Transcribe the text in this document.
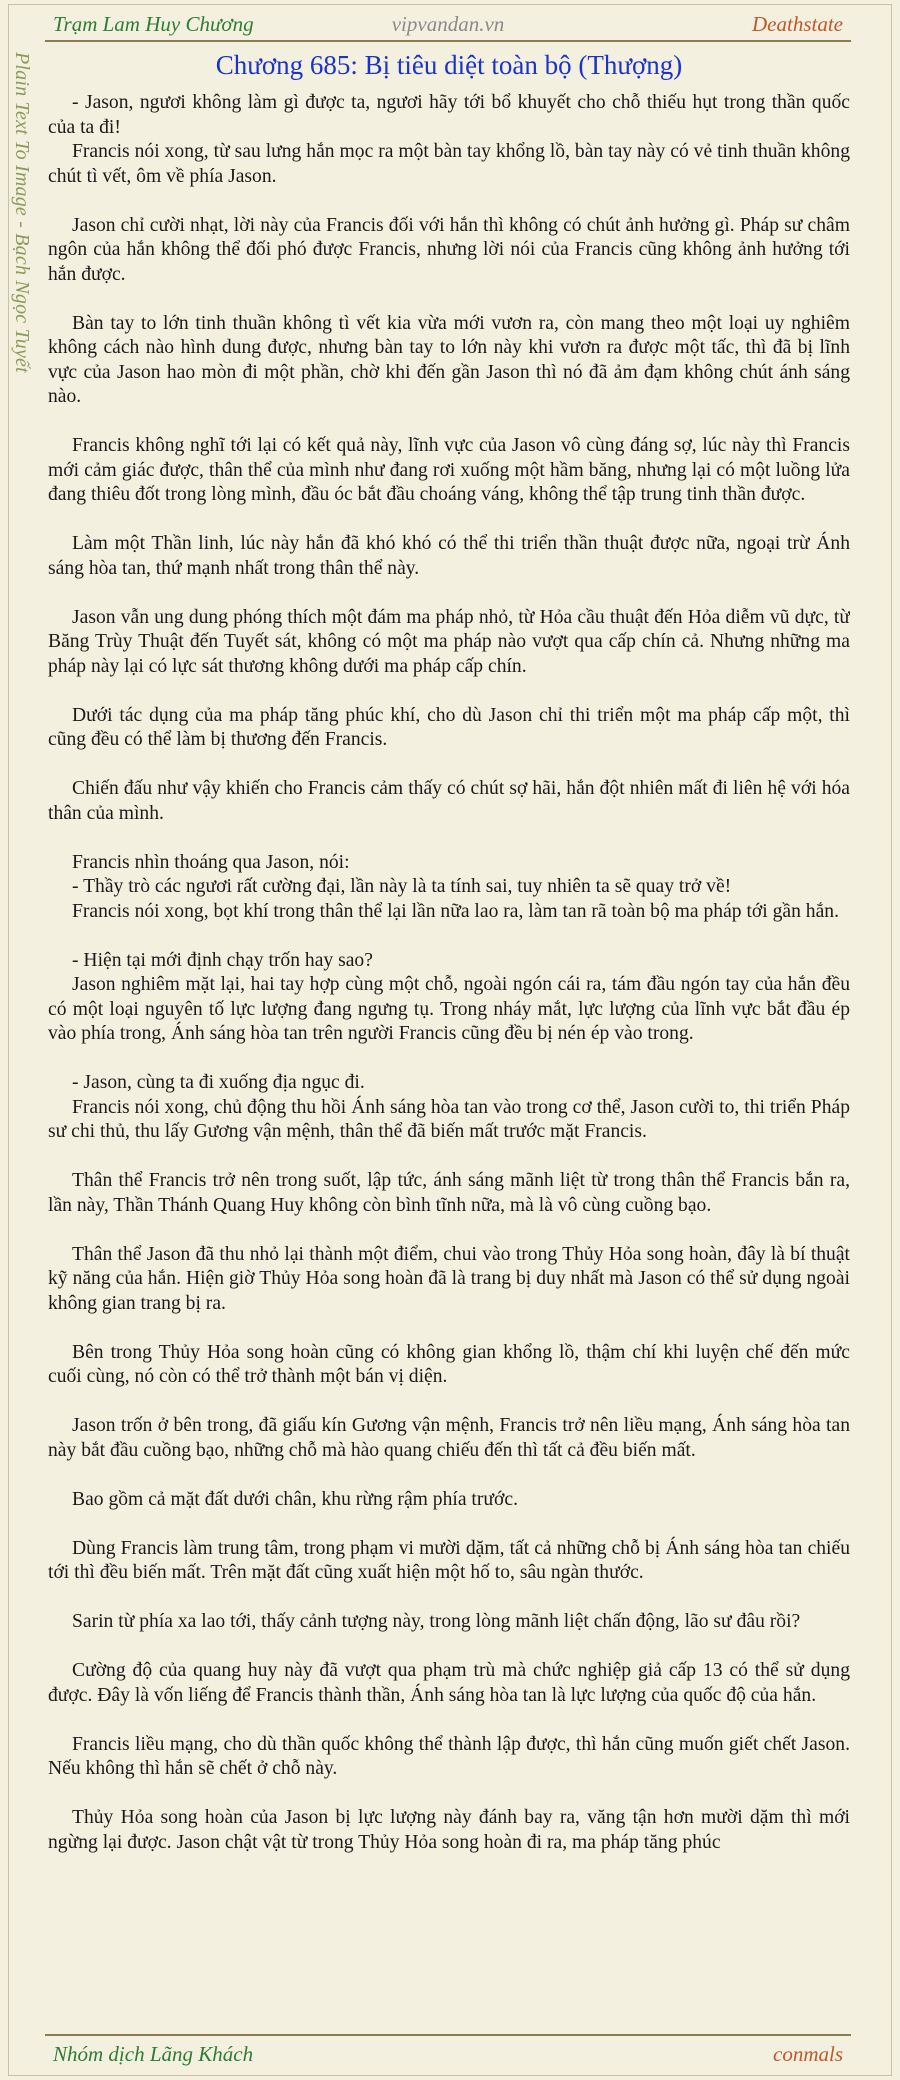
Trạm Lam Huy Chương	vipvandan.vn	Deathstate
Plain Text To Image - Bạch Ngọc Tuyết	Chương 685: Bị tiêu diệt toàn bộ (Thượng)
- Jason, ngươi không làm gì được ta, ngươi hãy tới bổ khuyết cho chỗ thiếu hụt trong thần quốc của ta đi!
Francis nói xong, từ sau lưng hắn mọc ra một bàn tay khổng lồ, bàn tay này có vẻ tinh thuần không chút tì vết, ôm về phía Jason.
Jason chỉ cười nhạt, lời này của Francis đối với hắn thì không có chút ảnh hưởng gì. Pháp sư châm ngôn của hắn không thể đối phó được Francis, nhưng lời nói của Francis cũng không ảnh hưởng tới hắn được.
Bàn tay to lớn tinh thuần không tì vết kia vừa mới vươn ra, còn mang theo một loại uy nghiêm không cách nào hình dung được, nhưng bàn tay to lớn này khi vươn ra được một tấc, thì đã bị lĩnh vực của Jason hao mòn đi một phần, chờ khi đến gần Jason thì nó đã ảm đạm không chút ánh sáng nào.
Francis không nghĩ tới lại có kết quả này, lĩnh vực của Jason vô cùng đáng sợ, lúc này thì Francis mới cảm giác được, thân thể của mình như đang rơi xuống một hầm băng, nhưng lại có một luồng lửa đang thiêu đốt trong lòng mình, đầu óc bắt đầu choáng váng, không thể tập trung tinh thần được.
Làm một Thần linh, lúc này hắn đã khó khó có thể thi triển thần thuật được nữa, ngoại trừ Ánh sáng hòa tan, thứ mạnh nhất trong thân thể này.
Jason vẫn ung dung phóng thích một đám ma pháp nhỏ, từ Hỏa cầu thuật đến Hỏa diễm vũ dực, từ Băng Trùy Thuật đến Tuyết sát, không có một ma pháp nào vượt qua cấp chín cả. Nhưng những ma pháp này lại có lực sát thương không dưới ma pháp cấp chín.
Dưới tác dụng của ma pháp tăng phúc khí, cho dù Jason chỉ thi triển một ma pháp cấp một, thì cũng đều có thể làm bị thương đến Francis.
Chiến đấu như vậy khiến cho Francis cảm thấy có chút sợ hãi, hắn đột nhiên mất đi liên hệ với hóa thân của mình.
Francis nhìn thoáng qua Jason, nói:
- Thầy trò các ngươi rất cường đại, lần này là ta tính sai, tuy nhiên ta sẽ quay trở về!
Francis nói xong, bọt khí trong thân thể lại lần nữa lao ra, làm tan rã toàn bộ ma pháp tới gần hắn.
- Hiện tại mới định chạy trốn hay sao?
Jason nghiêm mặt lại, hai tay hợp cùng một chỗ, ngoài ngón cái ra, tám đầu ngón tay của hắn đều có một loại nguyên tố lực lượng đang ngưng tụ. Trong nháy mắt, lực lượng của lĩnh vực bắt đầu ép vào phía trong, Ánh sáng hòa tan trên người Francis cũng đều bị nén ép vào trong.
- Jason, cùng ta đi xuống địa ngục đi.
Francis nói xong, chủ động thu hồi Ánh sáng hòa tan vào trong cơ thể, Jason cười to, thi triển Pháp sư chi thủ, thu lấy Gương vận mệnh, thân thể đã biến mất trước mặt Francis.
Thân thể Francis trở nên trong suốt, lập tức, ánh sáng mãnh liệt từ trong thân thể Francis bắn ra, lần này, Thần Thánh Quang Huy không còn bình tĩnh nữa, mà là vô cùng cuồng bạo.
Thân thể Jason đã thu nhỏ lại thành một điểm, chui vào trong Thủy Hỏa song hoàn, đây là bí thuật kỹ năng của hắn. Hiện giờ Thủy Hỏa song hoàn đã là trang bị duy nhất mà Jason có thể sử dụng ngoài không gian trang bị ra.
Bên trong Thủy Hỏa song hoàn cũng có không gian khổng lồ, thậm chí khi luyện chế đến mức cuối cùng, nó còn có thể trở thành một bán vị diện.
Jason trốn ở bên trong, đã giấu kín Gương vận mệnh, Francis trở nên liều mạng, Ánh sáng hòa tan này bắt đầu cuồng bạo, những chỗ mà hào quang chiếu đến thì tất cả đều biến mất.
Bao gồm cả mặt đất dưới chân, khu rừng rậm phía trước.
Dùng Francis làm trung tâm, trong phạm vi mười dặm, tất cả những chỗ bị Ánh sáng hòa tan chiếu tới thì đều biến mất. Trên mặt đất cũng xuất hiện một hố to, sâu ngàn thước.
Sarin từ phía xa lao tới, thấy cảnh tượng này, trong lòng mãnh liệt chấn động, lão sư đâu rồi?
Cường độ của quang huy này đã vượt qua phạm trù mà chức nghiệp giả cấp 13 có thể sử dụng được. Đây là vốn liếng để Francis thành thần, Ánh sáng hòa tan là lực lượng của quốc độ của hắn.
Francis liều mạng, cho dù thần quốc không thể thành lập được, thì hắn cũng muốn giết chết Jason. Nếu không thì hắn sẽ chết ở chỗ này.
Thủy Hỏa song hoàn của Jason bị lực lượng này đánh bay ra, văng tận hơn mười dặm thì mới ngừng lại được. Jason chật vật từ trong Thủy Hỏa song hoàn đi ra, ma pháp tăng phúc
Nhóm dịch Lãng Khách	conmals
